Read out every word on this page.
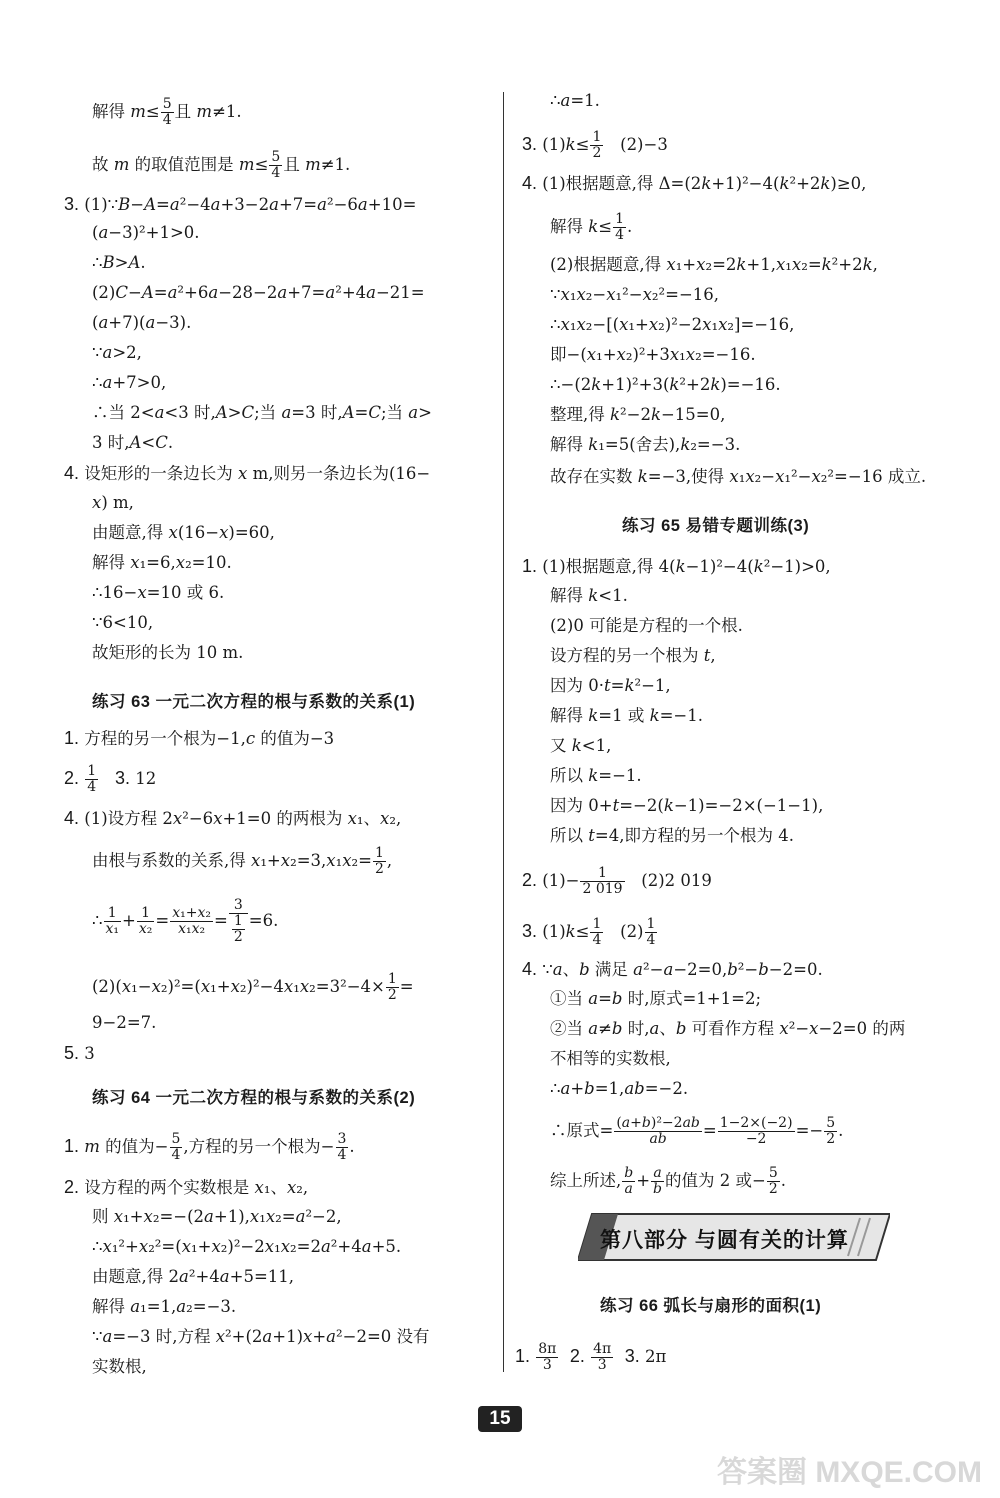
解得 $m\le \frac{5}{4}$ 且 m≠1.
故 m 的取值范围是 $m\le \frac{5}{4}$ 且 m≠1.
3. (1)∵B−A=a²−4a+3−2a+7=a²−6a+10=
(a−3)²+1>0.
∴B>A.
(2)C−A=a²+6a−28−2a+7=a²+4a−21=
(a+7)(a−3).
∵a>2,
∴a+7>0,
∴当 2<a<3 时,A>C;当 a=3 时,A=C;当 a>
3 时,A<C.
4. 设矩形的一条边长为 x m,则另一条边长为(16−
x) m,
由题意,得 x(16−x)=60,
解得 x₁=6,x₂=10.
∴16−x=10 或 6.
∵6<10,
故矩形的长为 10 m.
练习 63 一元二次方程的根与系数的关系(1)
1. 方程的另一个根为−1,c 的值为−3
2. $\frac{1}{4} 3$. 12
4. (1)设方程 2x²−6x+1=0 的两根为 x₁、x₂,
由根与系数的关系,得 $x_1+x_2=3,x_1x_2= \frac{1}{2}$ ,
∴ $\frac{1}{\text{x₁}} + \frac{1}{\text{x₂}} = \frac{\text{x₁+x₂}}{\text{x₁x₂}} = \frac{3}{\frac{1}{2}} =6$.
$(2)(x_1-x_2)^2=(x_1+x_2)^2-4x_1x_2=3^2-4\times \frac{1}{2}$ =
9−2=7.
5. 3
练习 64 一元二次方程的根与系数的关系(2)
1. m 的值为− $\frac{5}{4}$ ,方程的另一个根为− $\frac{3}{4}$ .
2. 设方程的两个实数根是 x₁、x₂,
则 x₁+x₂=−(2a+1),x₁x₂=a²−2,
∴x₁²+x₂²=(x₁+x₂)²−2x₁x₂=2a²+4a+5.
由题意,得 2a²+4a+5=11,
解得 a₁=1,a₂=−3.
∵a=−3 时,方程 x²+(2a+1)x+a²−2=0 没有
实数根,
∴a=1.
3. $(1)k\le \frac{1}{2} (2)-3$
4. (1)根据题意,得 Δ=(2k+1)²−4(k²+2k)≥0,
解得 $k\le \frac{1}{4}$ .
(2)根据题意,得 x₁+x₂=2k+1,x₁x₂=k²+2k,
∵x₁x₂−x₁²−x₂²=−16,
∴x₁x₂−[(x₁+x₂)²−2x₁x₂]=−16,
即−(x₁+x₂)²+3x₁x₂=−16.
∴−(2k+1)²+3(k²+2k)=−16.
整理,得 k²−2k−15=0,
解得 k₁=5(舍去),k₂=−3.
故存在实数 k=−3,使得 x₁x₂−x₁²−x₂²=−16 成立.
练习 65 易错专题训练(3)
1. (1)根据题意,得 4(k−1)²−4(k²−1)>0,
解得 k<1.
(2)0 可能是方程的一个根.
设方程的另一个根为 t,
因为 0·t=k²−1,
解得 k=1 或 k=−1.
又 k<1,
所以 k=−1.
因为 0+t=−2(k−1)=−2×(−1−1),
所以 t=4,即方程的另一个根为 4.
2. $(1)- \frac{1}{2 019} (2)2$ 019
3. $(1)k\le \frac{1}{4} (2) \frac{1}{4}$
4. ∵a、b 满足 a²−a−2=0,b²−b−2=0.
①当 a=b 时,原式=1+1=2;
②当 a≠b 时,a、b 可看作方程 x²−x−2=0 的两
不相等的实数根,
∴a+b=1,ab=−2.
∴原式= $\frac{\text{(a+b)²−2ab}}{ab} = \frac{1-2\times(-2)}{-2} =- \frac{5}{2}$ .
综上所述, $\frac{b}{a} + \frac{a}{b}$ 的值为 2 或− $\frac{5}{2}$ .
第八部分 与圆有关的计算
练习 66 弧长与扇形的面积(1)
1. $\frac{8\pi}{3} 2$. $\frac{4\pi}{3} 3$. 2π
15
答案圈 MXQE.COM
